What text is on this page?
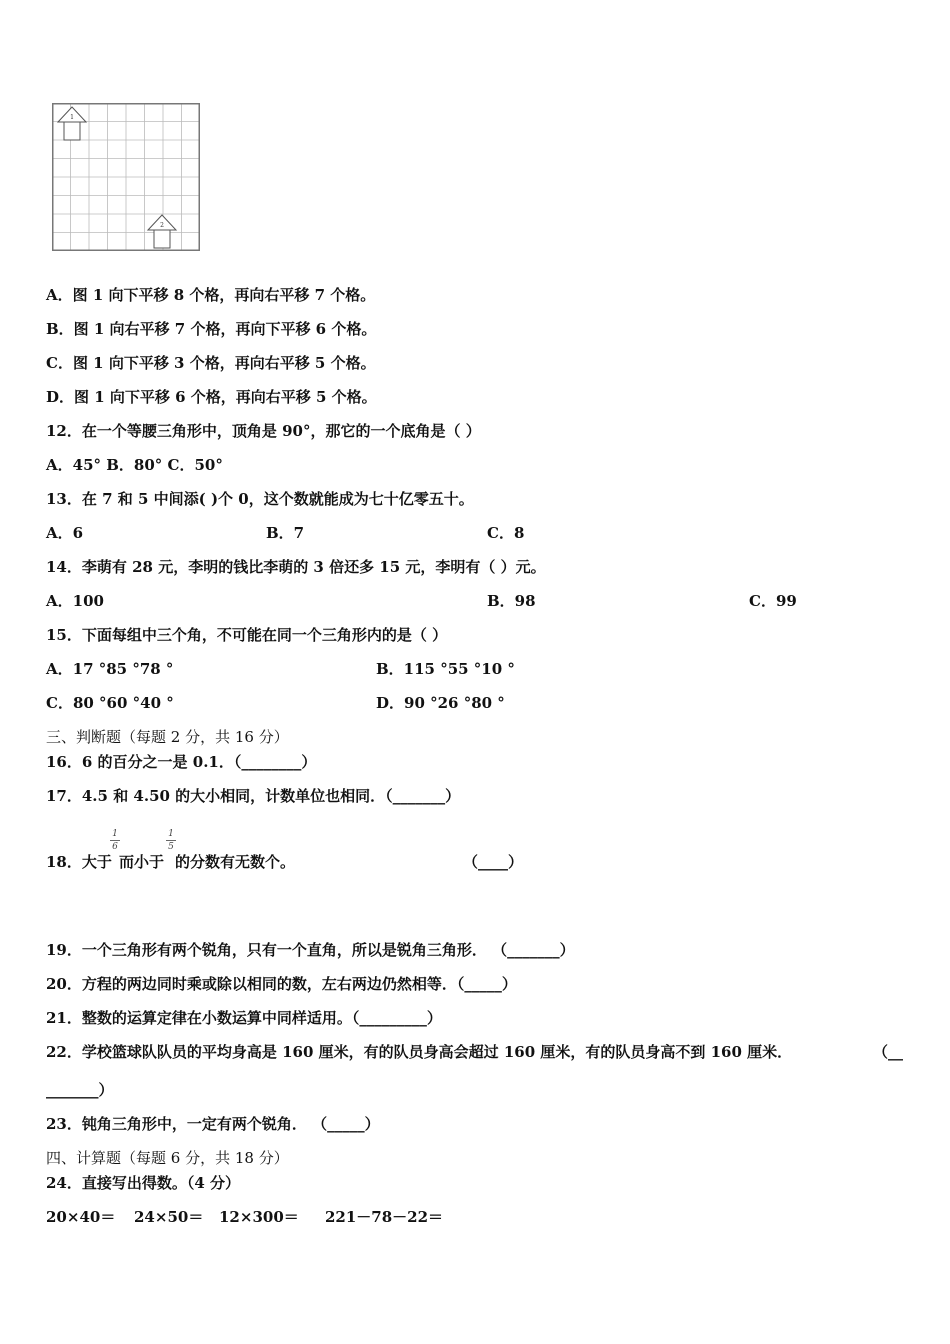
1
2
A．图 1 向下平移 8 个格，再向右平移 7 个格。
B．图 1 向右平移 7 个格，再向下平移 6 个格。
C．图 1 向下平移 3 个格，再向右平移 5 个格。
D．图 1 向下平移 6 个格，再向右平移 5 个格。
12．在一个等腰三角形中，顶角是 90°，那它的一个底角是（ ）
A．45° B．80° C．50°
13．在 7 和 5 中间添( )个 0，这个数就能成为七十亿零五十。
A．6	B．7	C．8
14．李萌有 28 元，李明的钱比李萌的 3 倍还多 15 元，李明有（ ）元。
A．100	B．98	C．99
15．下面每组中三个角，不可能在同一个三角形内的是（ ）
A．17 °85 °78 °	B．115 °55 °10 °
C．80 °60 °40 °	D．90 °26 °80 °
三、判断题（每题 2 分，共 16 分）
16．6 的百分之一是 0.1．（________）
17．4.5 和 4.50 的大小相同，计数单位也相同．（_______）
18．大于
1
6
而小于
1
5
的分数有无数个。	（____）
19．一个三角形有两个锐角，只有一个直角，所以是锐角三角形． （_______）
20．方程的两边同时乘或除以相同的数，左右两边仍然相等．（_____）
21．整数的运算定律在小数运算中同样适用。（_________）
22．学校篮球队队员的平均身高是 160 厘米，有的队员身高会超过 160 厘米，有的队员身高不到 160 厘米．	（__
_______）
23．钝角三角形中，一定有两个锐角． （_____）
四、计算题（每题 6 分，共 18 分）
24．直接写出得数。（4 分）
20×40＝ 24×50＝ 12×300＝ 221－78－22＝
